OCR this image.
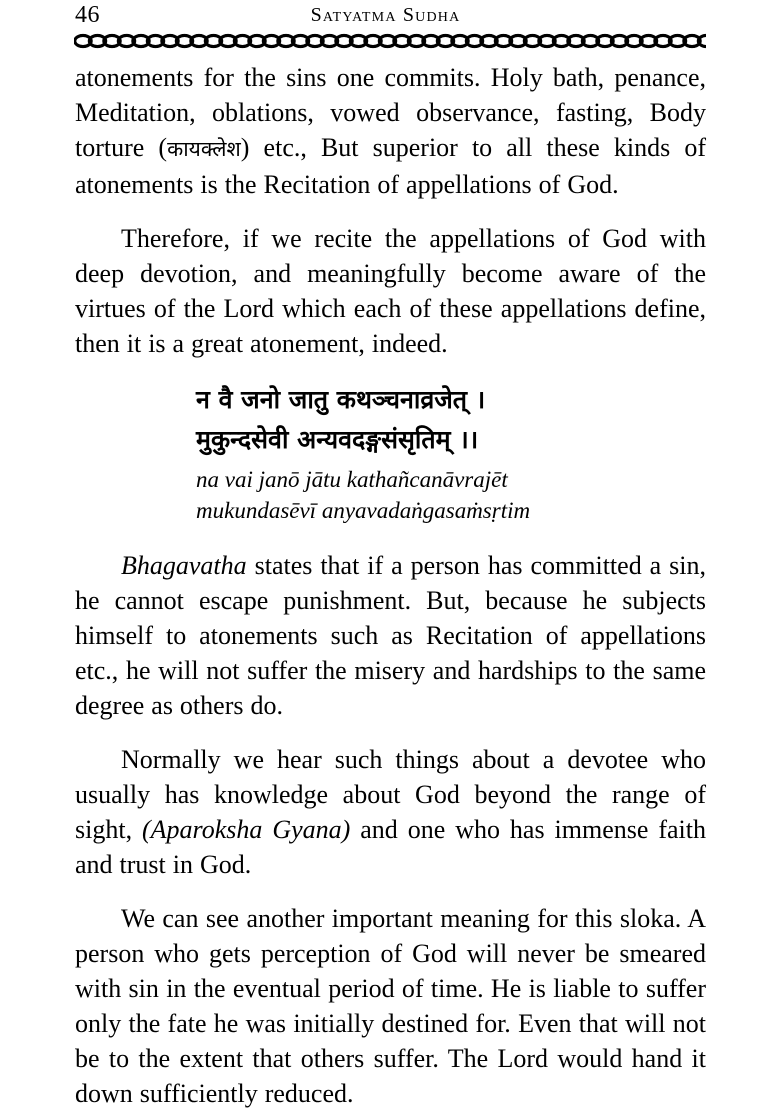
46	Satyatma Sudha

atonements for the sins one commits. Holy bath, penance, Meditation, oblations, vowed observance, fasting, Body torture (कायक्लेश) etc., But superior to all these kinds of atonements is the Recitation of appellations of God.

Therefore, if we recite the appellations of God with deep devotion, and meaningfully become aware of the virtues of the Lord which each of these appellations define, then it is a great atonement, indeed.

न वै जनो जातु कथञ्चनाव्रजेत् ।
मुकुन्दसेवी अन्यवदङ्गसंसृतिम् ।।
na vai janō jātu kathañcanāvrajēt
mukundasēvī anyavadaṅgasaṁsṛtim

Bhagavatha states that if a person has committed a sin, he cannot escape punishment. But, because he subjects himself to atonements such as Recitation of appellations etc., he will not suffer the misery and hardships to the same degree as others do.

Normally we hear such things about a devotee who usually has knowledge about God beyond the range of sight, (Aparoksha Gyana) and one who has immense faith and trust in God.

We can see another important meaning for this sloka. A person who gets perception of God will never be smeared with sin in the eventual period of time. He is liable to suffer only the fate he was initially destined for. Even that will not be to the extent that others suffer. The Lord would hand it down sufficiently reduced.
